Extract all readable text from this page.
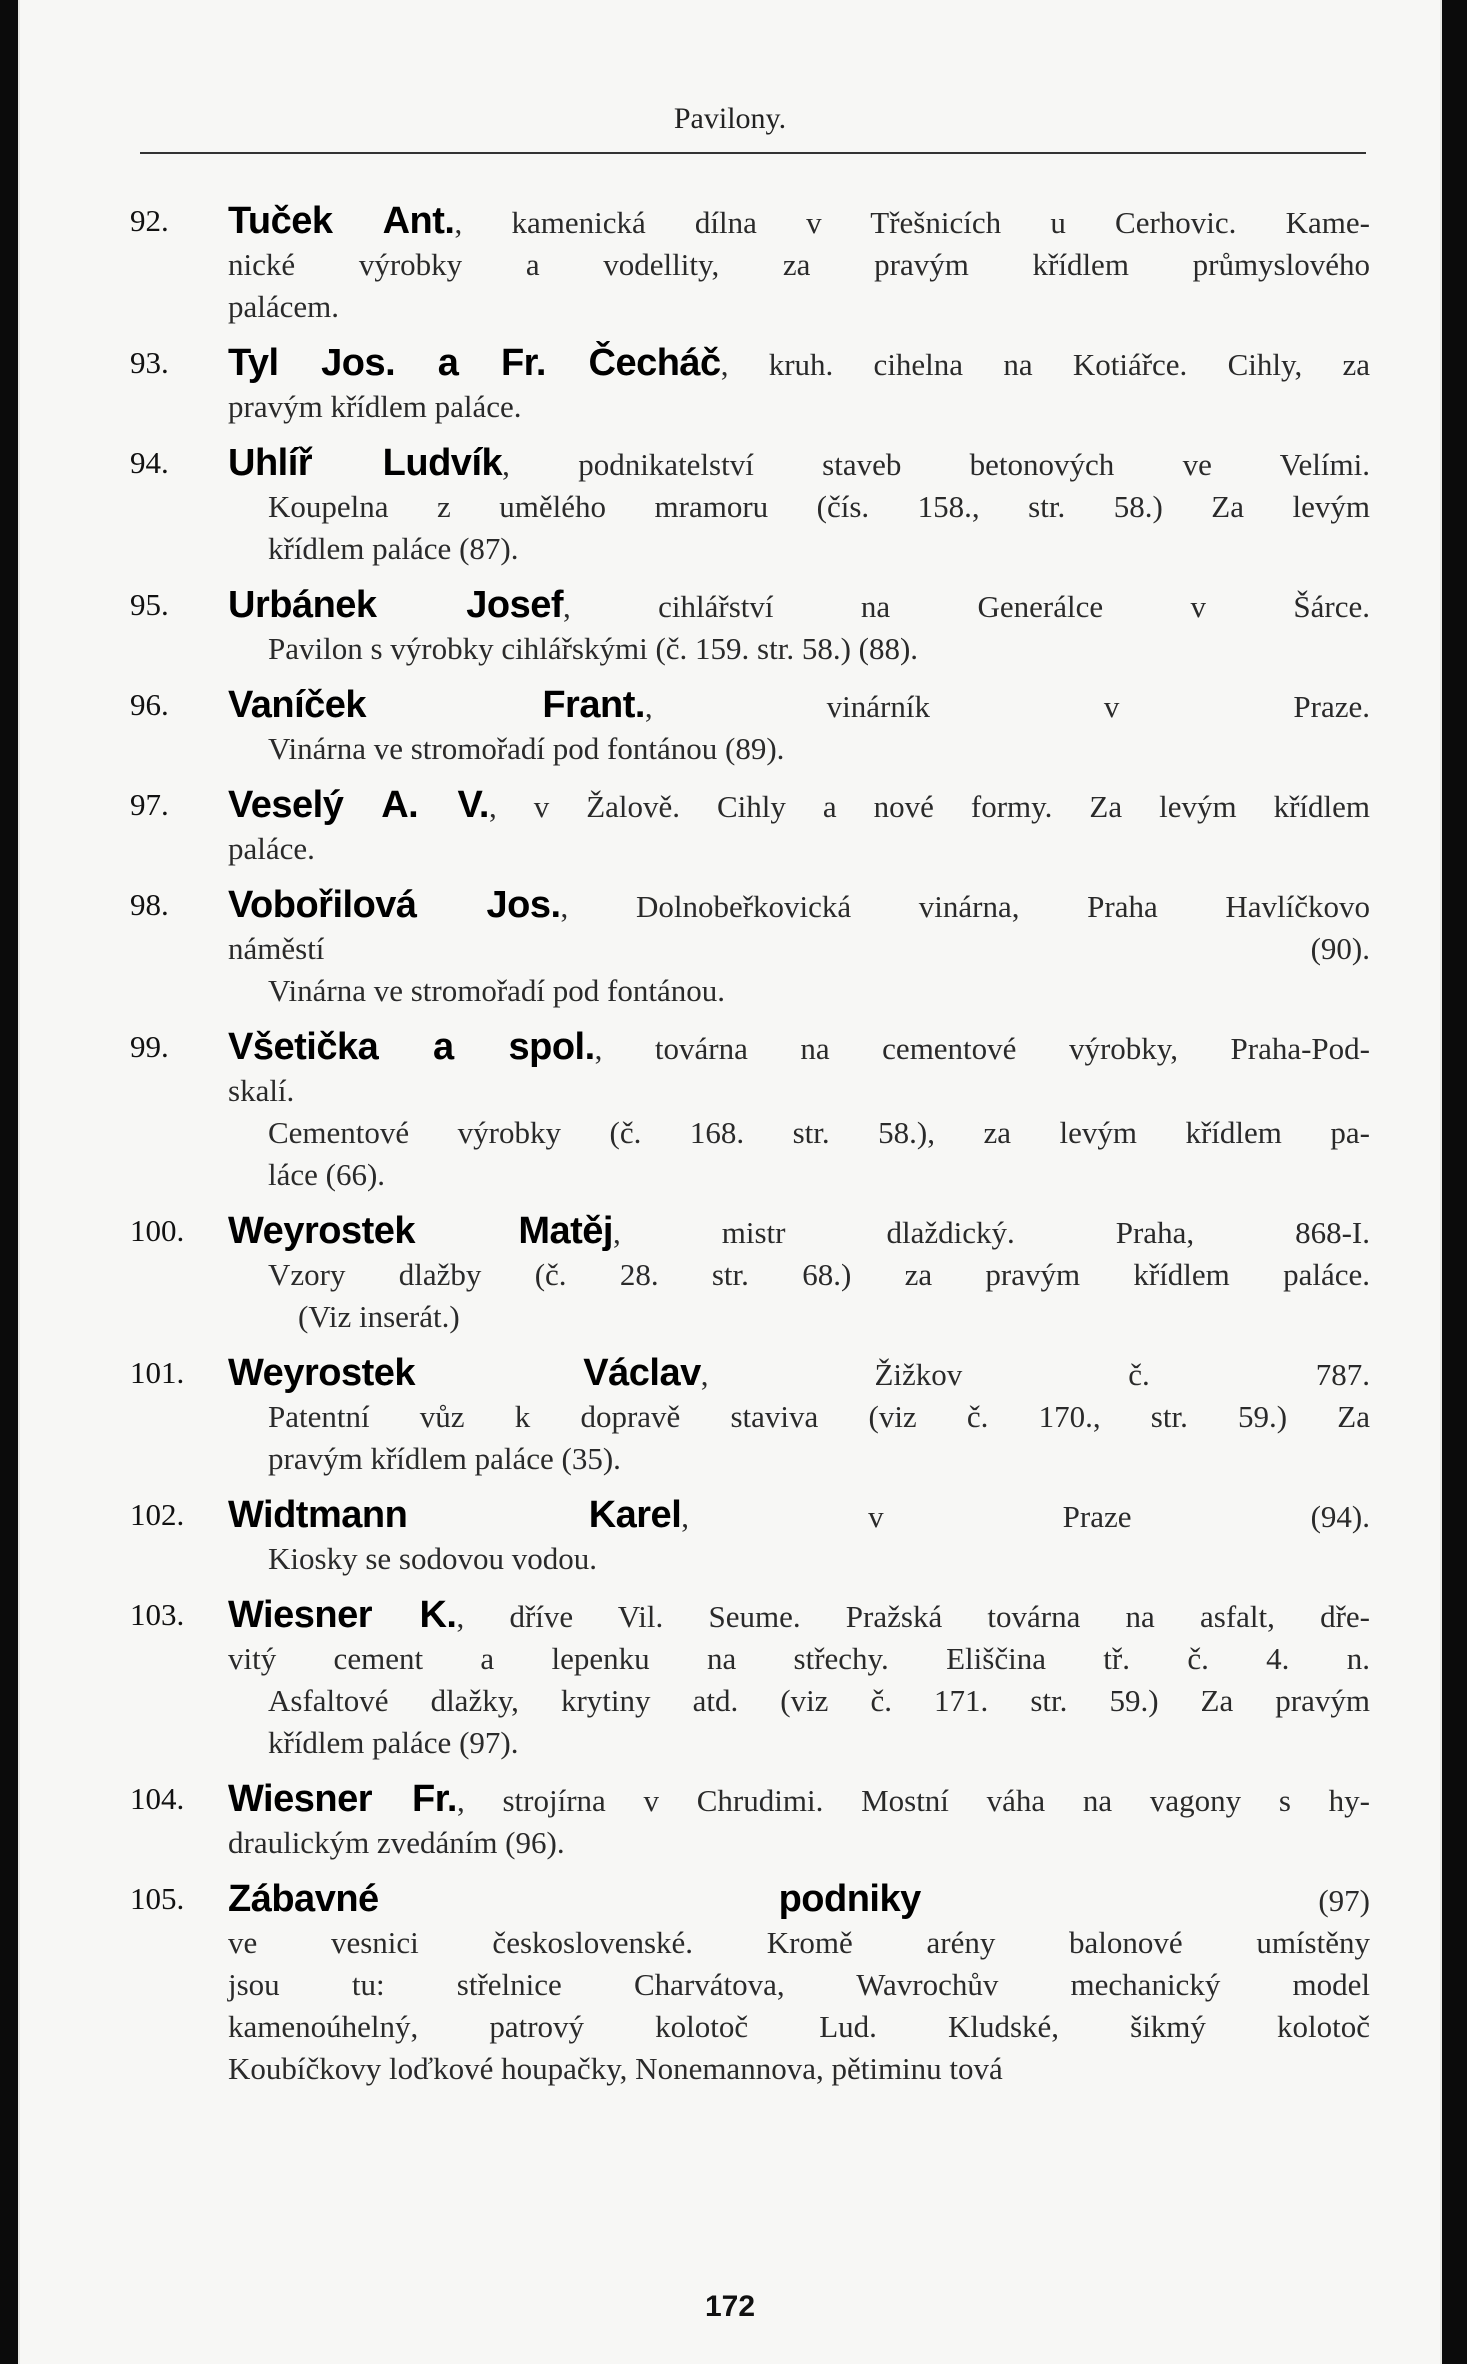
Pavilony.
92.	Tuček Ant., kamenická dílna v Třešnicích u Cerhovic. Kame-
nické výrobky a vodellity, za pravým křídlem průmyslového
palácem.
93.	Tyl Jos. a Fr. Čecháč, kruh. cihelna na Kotiářce. Cihly, za
pravým křídlem paláce.
94.	Uhlíř Ludvík, podnikatelství staveb betonových ve Velími.
Koupelna z umělého mramoru (čís. 158., str. 58.) Za levým
křídlem paláce (87).
95.	Urbánek Josef, cihlářství na Generálce v Šárce.
Pavilon s výrobky cihlářskými (č. 159. str. 58.) (88).
96.	Vaníček Frant., vinárník v Praze.
Vinárna ve stromořadí pod fontánou (89).
97.	Veselý A. V., v Žalově. Cihly a nové formy. Za levým křídlem
paláce.
98.	Vobořilová Jos., Dolnobeřkovická vinárna, Praha Havlíčkovo
náměstí (90).
Vinárna ve stromořadí pod fontánou.
99.	Všetička a spol., továrna na cementové výrobky, Praha-Pod-
skalí.
Cementové výrobky (č. 168. str. 58.), za levým křídlem pa-
láce (66).
100.	Weyrostek Matěj, mistr dlaždický. Praha, 868-I.
Vzory dlažby (č. 28. str. 68.) za pravým křídlem paláce.
(Viz inserát.)
101.	Weyrostek Václav, Žižkov č. 787.
Patentní vůz k dopravě staviva (viz č. 170., str. 59.) Za
pravým křídlem paláce (35).
102.	Widtmann Karel, v Praze (94).
Kiosky se sodovou vodou.
103.	Wiesner K., dříve Vil. Seume. Pražská továrna na asfalt, dře-
vitý cement a lepenku na střechy. Eliščina tř. č. 4. n.
Asfaltové dlažky, krytiny atd. (viz č. 171. str. 59.) Za pravým
křídlem paláce (97).
104.	Wiesner Fr., strojírna v Chrudimi. Mostní váha na vagony s hy-
draulickým zvedáním (96).
105.	Zábavné podniky (97)
ve vesnici československé. Kromě arény balonové umístěny
jsou tu: střelnice Charvátova, Wavrochův mechanický model
kamenoúhelný, patrový kolotoč Lud. Kludské, šikmý kolotoč
Koubíčkovy loďkové houpačky, Nonemannova, pětiminu tová
172
